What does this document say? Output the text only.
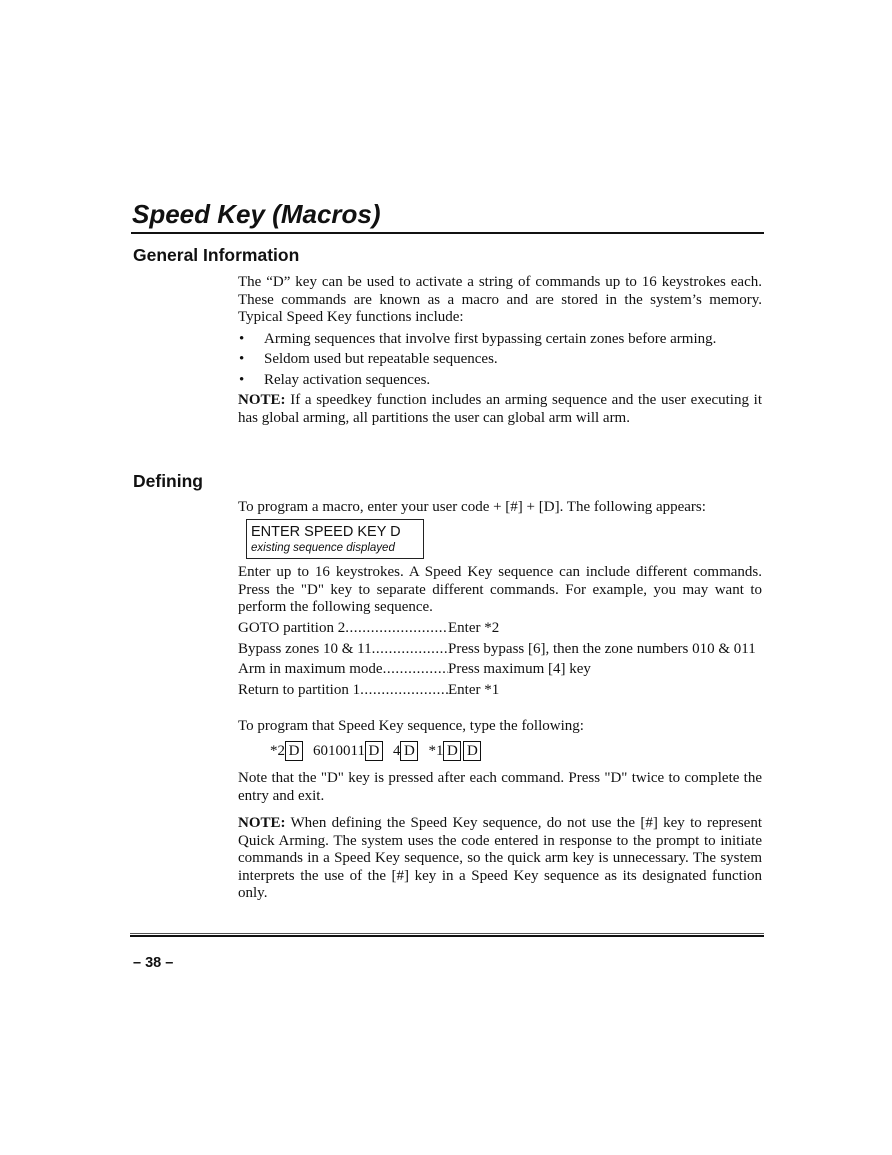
Speed Key (Macros)
General Information

The “D” key can be used to activate a string of commands up to 16 keystrokes each. These commands are known as a macro and are stored in the system’s memory. Typical Speed Key functions include:

• Arming sequences that involve first bypassing certain zones before arming.
• Seldom used but repeatable sequences.
• Relay activation sequences.

NOTE: If a speedkey function includes an arming sequence and the user executing it has global arming, all partitions the user can global arm will arm.

Defining

To program a macro, enter your user code + [#] + [D]. The following appears:

ENTER SPEED KEY D
existing sequence displayed
Enter up to 16 keystrokes. A Speed Key sequence can include different commands. Press the "D" key to separate different commands. For example, you may want to perform the following sequence.
GOTO partition 2 .....	Enter *2
Bypass zones 10 & 11 .....	Press bypass [6], then the zone numbers 010 & 011
Arm in maximum mode .....	Press maximum [4] key
Return to partition 1 .....	Enter *1
To program that Speed Key sequence, type the following:
*2 D 6010011 D 4 D *1 D D
Note that the "D" key is pressed after each command. Press "D" twice to complete the entry and exit.
NOTE: When defining the Speed Key sequence, do not use the [#] key to represent Quick Arming. The system uses the code entered in response to the prompt to initiate commands in a Speed Key sequence, so the quick arm key is unnecessary. The system interprets the use of the [#] key in a Speed Key sequence as its designated function only.
– 38 –
